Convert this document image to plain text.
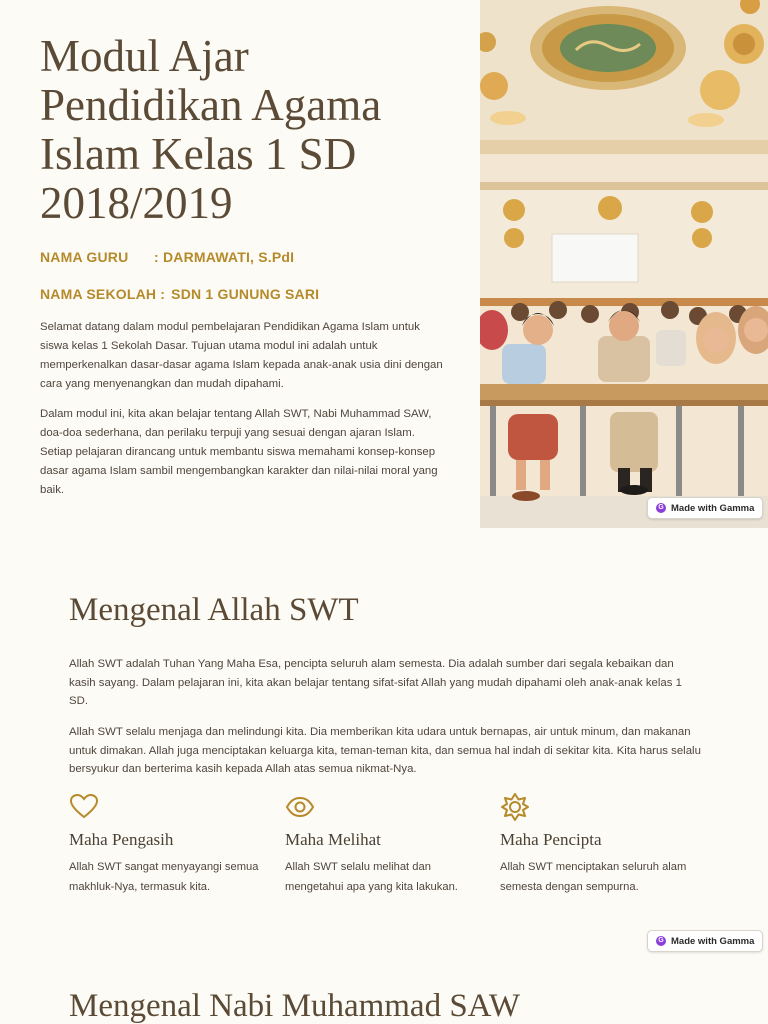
Modul Ajar Pendidikan Agama Islam Kelas 1 SD 2018/2019
NAMA GURU : DARMAWATI, S.PdI
NAMA SEKOLAH : SDN 1 GUNUNG SARI

Selamat datang dalam modul pembelajaran Pendidikan Agama Islam untuk siswa kelas 1 Sekolah Dasar. Tujuan utama modul ini adalah untuk memperkenalkan dasar-dasar agama Islam kepada anak-anak usia dini dengan cara yang menyenangkan dan mudah dipahami.

Dalam modul ini, kita akan belajar tentang Allah SWT, Nabi Muhammad SAW, doa-doa sederhana, dan perilaku terpuji yang sesuai dengan ajaran Islam. Setiap pelajaran dirancang untuk membantu siswa memahami konsep-konsep dasar agama Islam sambil mengembangkan karakter dan nilai-nilai moral yang baik.

G Made with Gamma
Mengenal Allah SWT

Allah SWT adalah Tuhan Yang Maha Esa, pencipta seluruh alam semesta. Dia adalah sumber dari segala kebaikan dan kasih sayang. Dalam pelajaran ini, kita akan belajar tentang sifat-sifat Allah yang mudah dipahami oleh anak-anak kelas 1 SD.

Allah SWT selalu menjaga dan melindungi kita. Dia memberikan kita udara untuk bernapas, air untuk minum, dan makanan untuk dimakan. Allah juga menciptakan keluarga kita, teman-teman kita, dan semua hal indah di sekitar kita. Kita harus selalu bersyukur dan berterima kasih kepada Allah atas semua nikmat-Nya.

Maha Pengasih
Allah SWT sangat menyayangi semua makhluk-Nya, termasuk kita.
Maha Melihat
Allah SWT selalu melihat dan mengetahui apa yang kita lakukan.
Maha Pencipta
Allah SWT menciptakan seluruh alam semesta dengan sempurna.
G Made with Gamma
Mengenal Nabi Muhammad SAW
